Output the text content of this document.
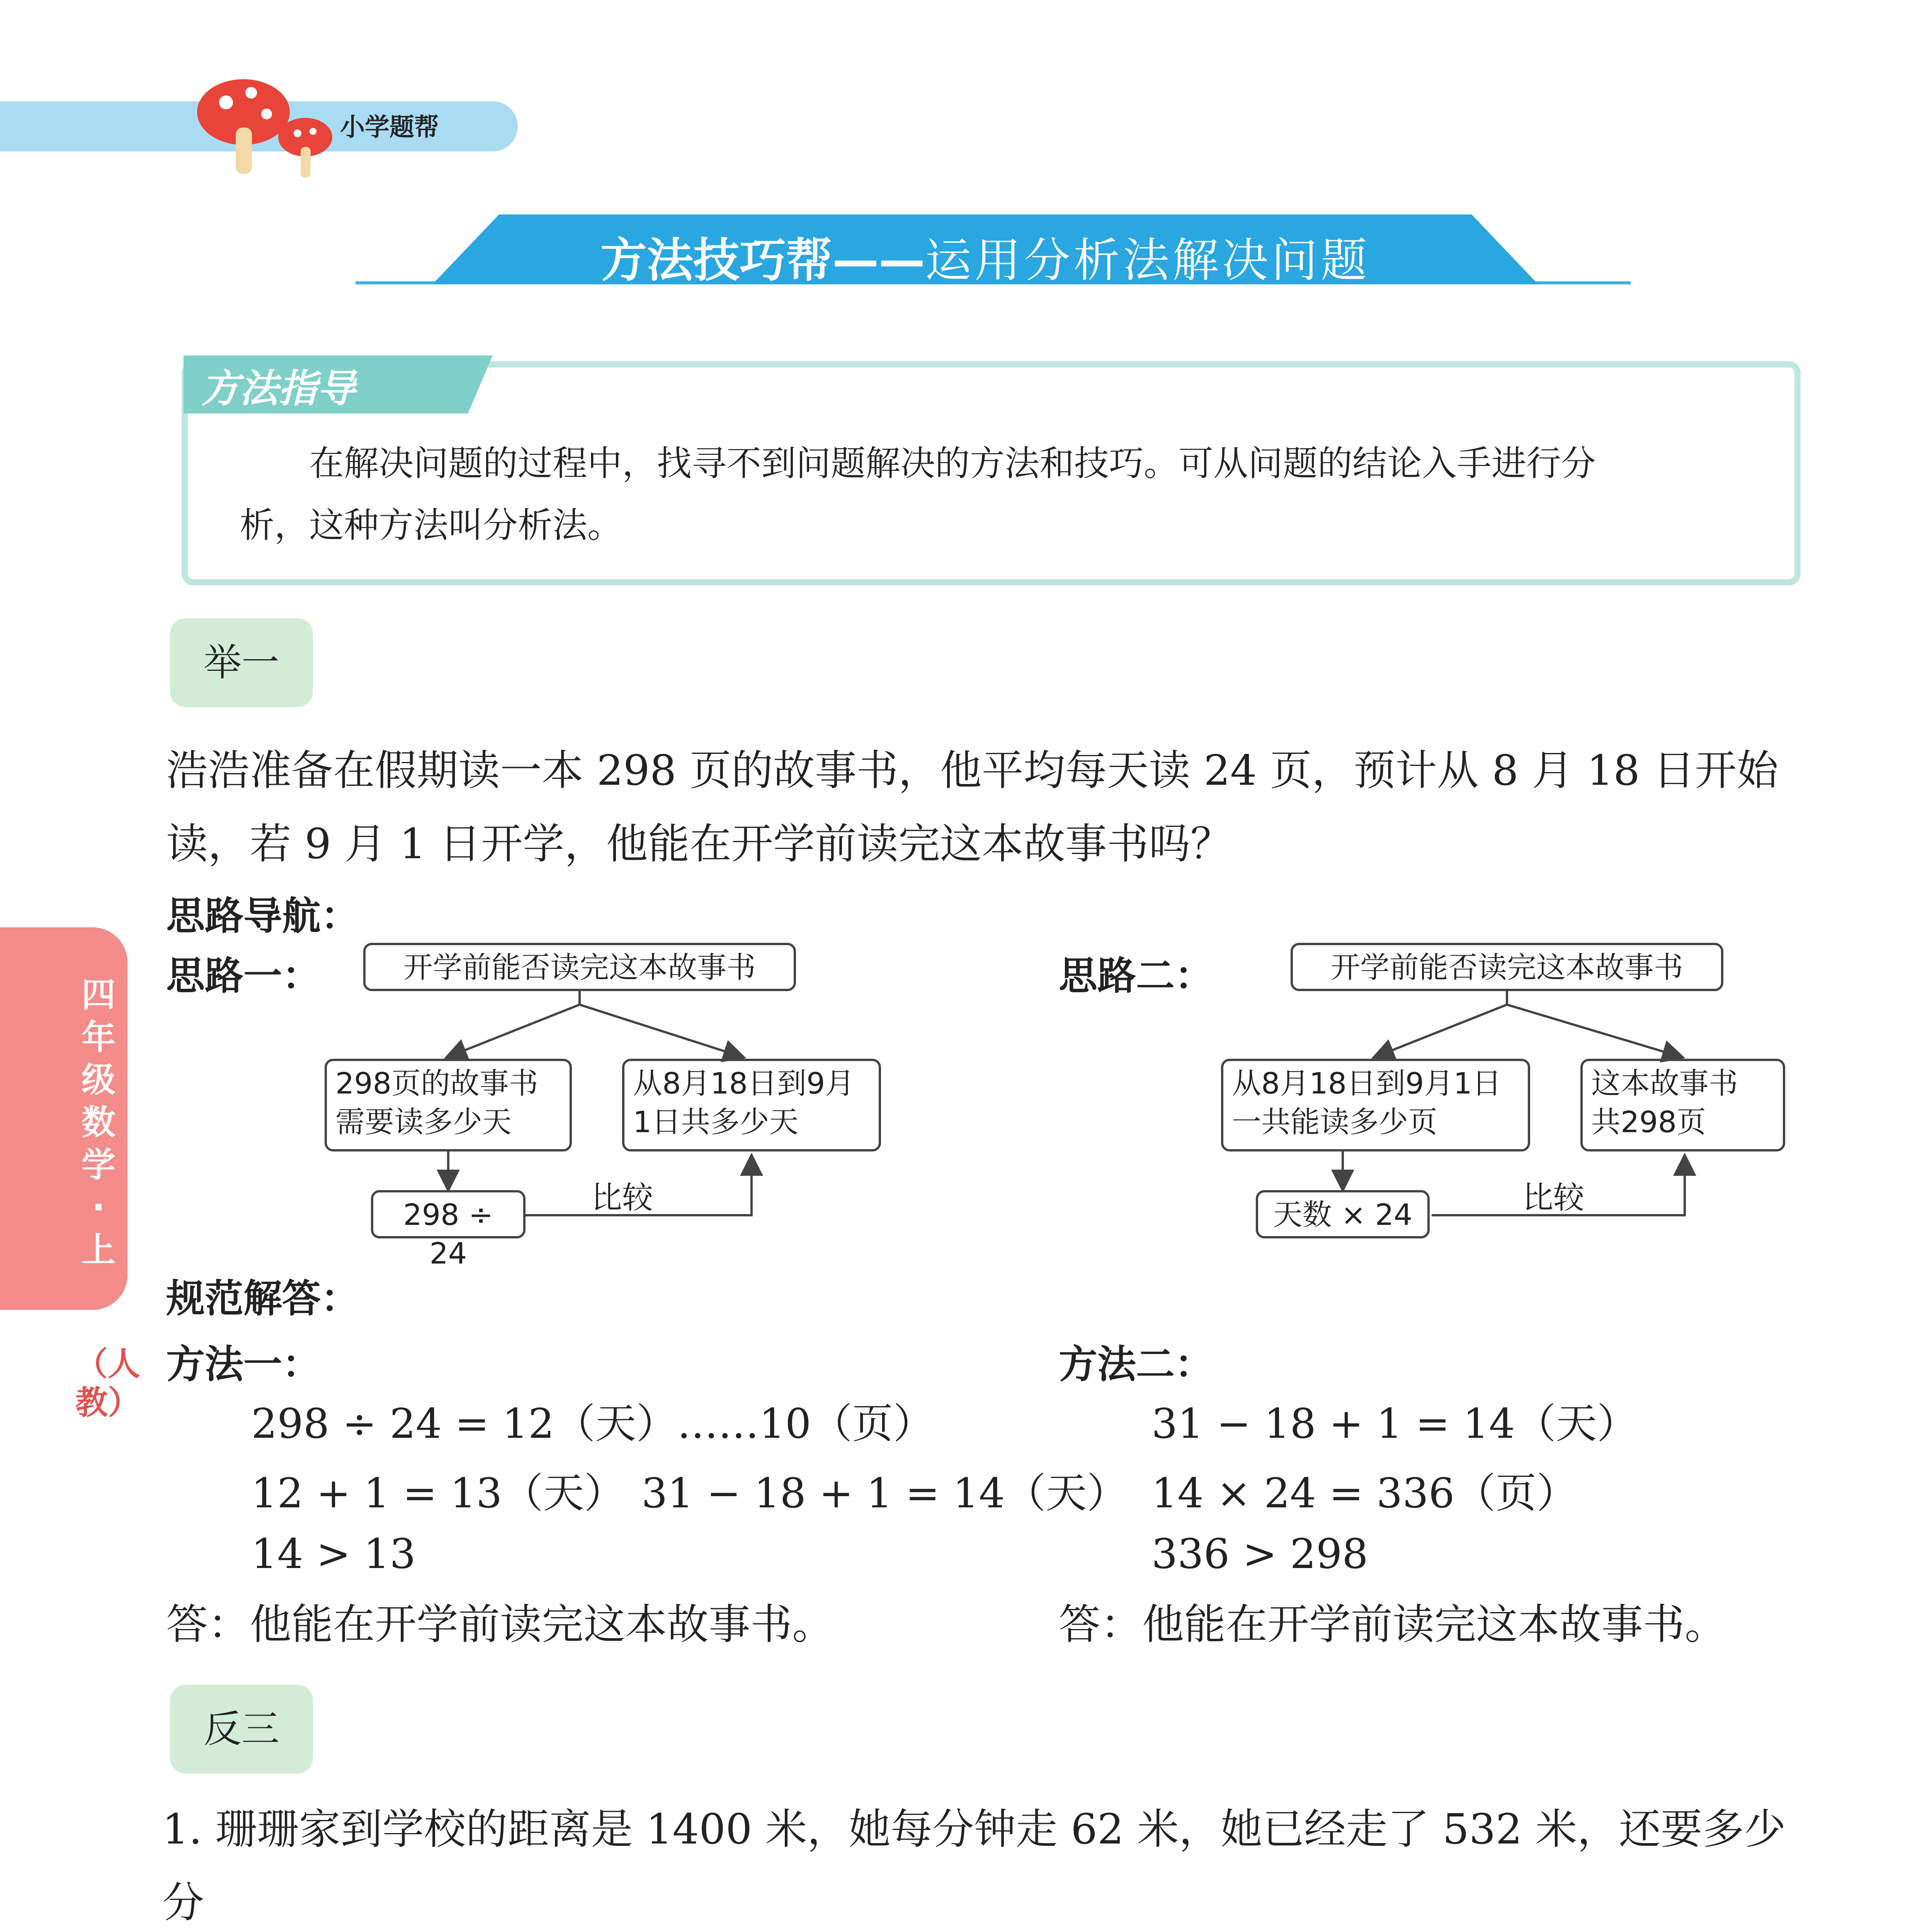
小学题帮
方法技巧帮——运用分析法解决问题
方法指导
在解决问题的过程中，找寻不到问题解决的方法和技巧。可从问题的结论入手进行分
析，这种方法叫分析法。
举一
浩浩准备在假期读一本 298 页的故事书，他平均每天读 24 页，预计从 8 月 18 日开始
读，若 9 月 1 日开学，他能在开学前读完这本故事书吗？
思路导航：
思路一：	开学前能否读完这本故事书
298页的故事书
需要读多少天
从8月18日到9月
1日共多少天
298 ÷ 24
比较
思路二：	开学前能否读完这本故事书
从8月18日到9月1日
一共能读多少页
这本故事书
共298页
天数 × 24	比较
规范解答：
方法一：
298 ÷ 24 = 12（天）……10（页）
12 + 1 = 13（天） 31 − 18 + 1 = 14（天）
14 > 13
答：他能在开学前读完这本故事书。
方法二：
31 − 18 + 1 = 14（天）
14 × 24 = 336（页）
336 > 298
答：他能在开学前读完这本故事书。
反三
1. 珊珊家到学校的距离是 1400 米，她每分钟走 62 米，她已经走了 532 米，还要多少分
四年级数学·上
（人教）
